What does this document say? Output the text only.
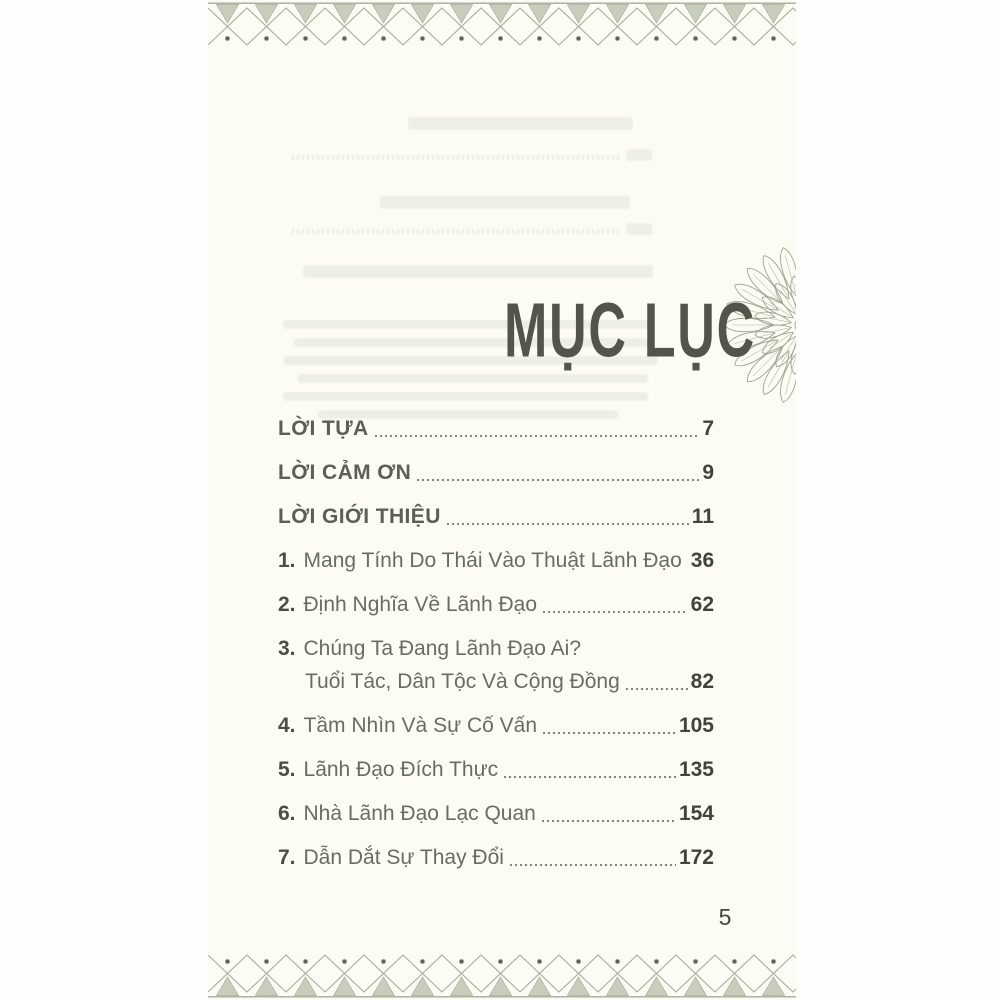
MỤC LỤC
LỜI TỰA	7
LỜI CẢM ƠN	9
LỜI GIỚI THIỆU	11
1. Mang Tính Do Thái Vào Thuật Lãnh Đạo 36
2. Định Nghĩa Về Lãnh Đạo	62
3. Chúng Ta Đang Lãnh Đạo Ai?
Tuổi Tác, Dân Tộc Và Cộng Đồng	82
4. Tầm Nhìn Và Sự Cố Vấn	105
5. Lãnh Đạo Đích Thực	135
6. Nhà Lãnh Đạo Lạc Quan	154
7. Dẫn Dắt Sự Thay Đổi	172
5
